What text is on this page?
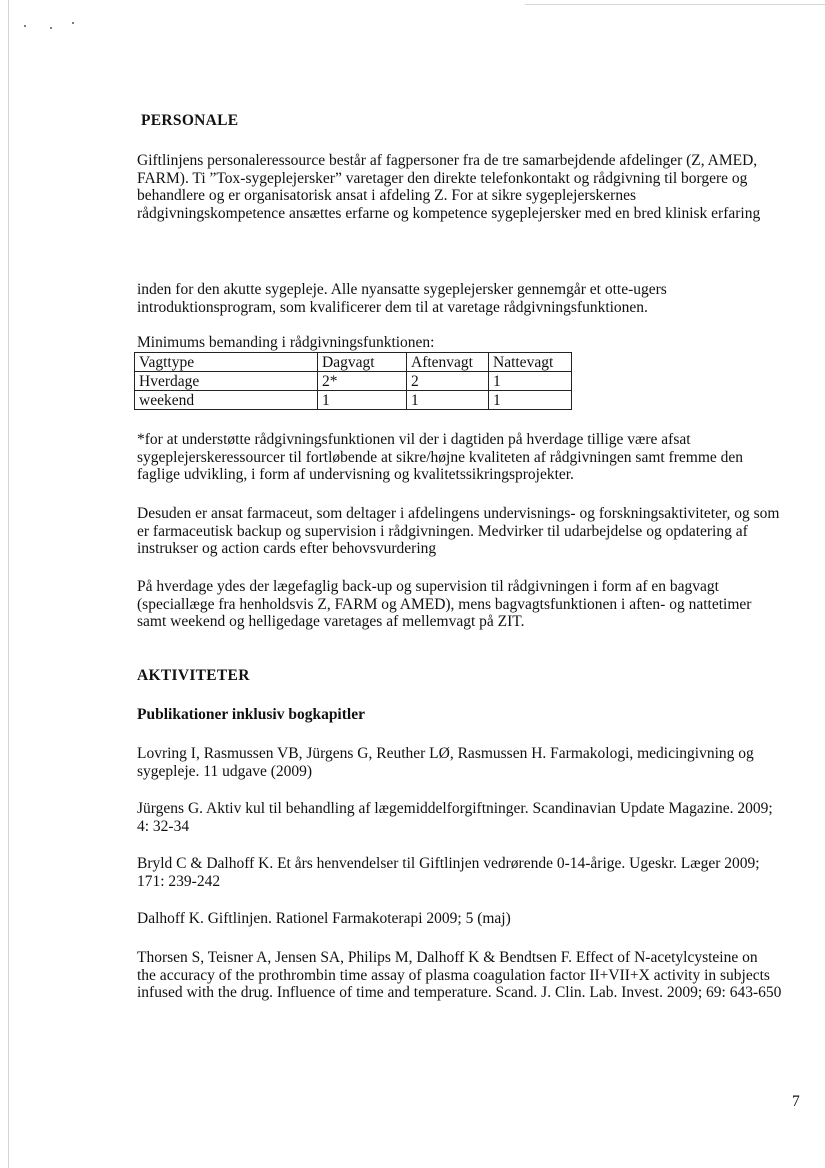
PERSONALE
Giftlinjens personaleressource består af fagpersoner fra de tre samarbejdende afdelinger (Z, AMED,
FARM). Ti ”Tox-sygeplejersker” varetager den direkte telefonkontakt og rådgivning til borgere og
behandlere og er organisatorisk ansat i afdeling Z. For at sikre sygeplejerskernes
rådgivningskompetence ansættes erfarne og kompetence sygeplejersker med en bred klinisk erfaring
inden for den akutte sygepleje. Alle nyansatte sygeplejersker gennemgår et otte-ugers
introduktionsprogram, som kvalificerer dem til at varetage rådgivningsfunktionen.
Minimums bemanding i rådgivningsfunktionen:
Vagttype	Dagvagt	Aftenvagt	Nattevagt
Hverdage	2*	2	1
weekend	1	1	1
*for at understøtte rådgivningsfunktionen vil der i dagtiden på hverdage tillige være afsat
sygeplejerskeressourcer til fortløbende at sikre/højne kvaliteten af rådgivningen samt fremme den
faglige udvikling, i form af undervisning og kvalitetssikringsprojekter.
Desuden er ansat farmaceut, som deltager i afdelingens undervisnings- og forskningsaktiviteter, og som
er farmaceutisk backup og supervision i rådgivningen. Medvirker til udarbejdelse og opdatering af
instrukser og action cards efter behovsvurdering
På hverdage ydes der lægefaglig back-up og supervision til rådgivningen i form af en bagvagt
(speciallæge fra henholdsvis Z, FARM og AMED), mens bagvagtsfunktionen i aften- og nattetimer
samt weekend og helligedage varetages af mellemvagt på ZIT.
AKTIVITETER
Publikationer inklusiv bogkapitler
Lovring I, Rasmussen VB, Jürgens G, Reuther LØ, Rasmussen H. Farmakologi, medicingivning og
sygepleje. 11 udgave (2009)
Jürgens G. Aktiv kul til behandling af lægemiddelforgiftninger. Scandinavian Update Magazine. 2009;
4: 32-34
Bryld C & Dalhoff K. Et års henvendelser til Giftlinjen vedrørende 0-14-årige. Ugeskr. Læger 2009;
171: 239-242
Dalhoff K. Giftlinjen. Rationel Farmakoterapi 2009; 5 (maj)
Thorsen S, Teisner A, Jensen SA, Philips M, Dalhoff K & Bendtsen F. Effect of N-acetylcysteine on
the accuracy of the prothrombin time assay of plasma coagulation factor II+VII+X activity in subjects
infused with the drug. Influence of time and temperature. Scand. J. Clin. Lab. Invest. 2009; 69: 643-650
7
